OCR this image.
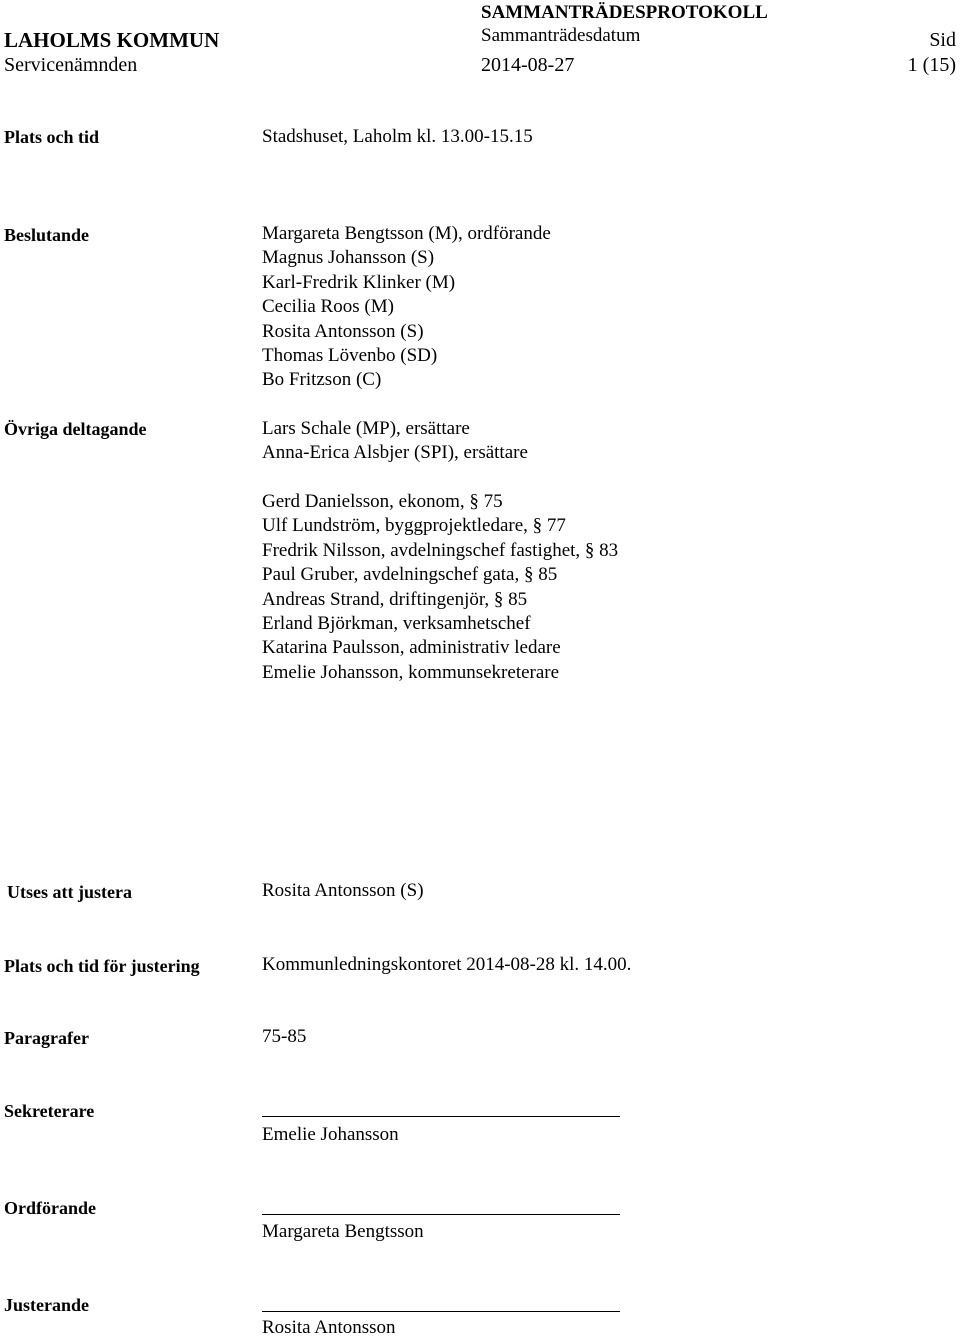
SAMMANTRÄDESPROTOKOLL
Sammanträdesdatum
LAHOLMS KOMMUN	Sid
Servicenämnden	2014-08-27	1 (15)
Plats och tid	Stadshuset, Laholm kl. 13.00-15.15
Beslutande	Margareta Bengtsson (M), ordförande
Magnus Johansson (S)
Karl-Fredrik Klinker (M)
Cecilia Roos (M)
Rosita Antonsson (S)
Thomas Lövenbo (SD)
Bo Fritzson (C)
Övriga deltagande	Lars Schale (MP), ersättare
Anna-Erica Alsbjer (SPI), ersättare
Gerd Danielsson, ekonom, § 75
Ulf Lundström, byggprojektledare, § 77
Fredrik Nilsson, avdelningschef fastighet, § 83
Paul Gruber, avdelningschef gata, § 85
Andreas Strand, driftingenjör, § 85
Erland Björkman, verksamhetschef
Katarina Paulsson, administrativ ledare
Emelie Johansson, kommunsekreterare
Utses att justera	Rosita Antonsson (S)
Plats och tid för justering	Kommunledningskontoret 2014-08-28 kl. 14.00.
Paragrafer	75-85
Sekreterare
Emelie Johansson
Ordförande
Margareta Bengtsson
Justerande
Rosita Antonsson
